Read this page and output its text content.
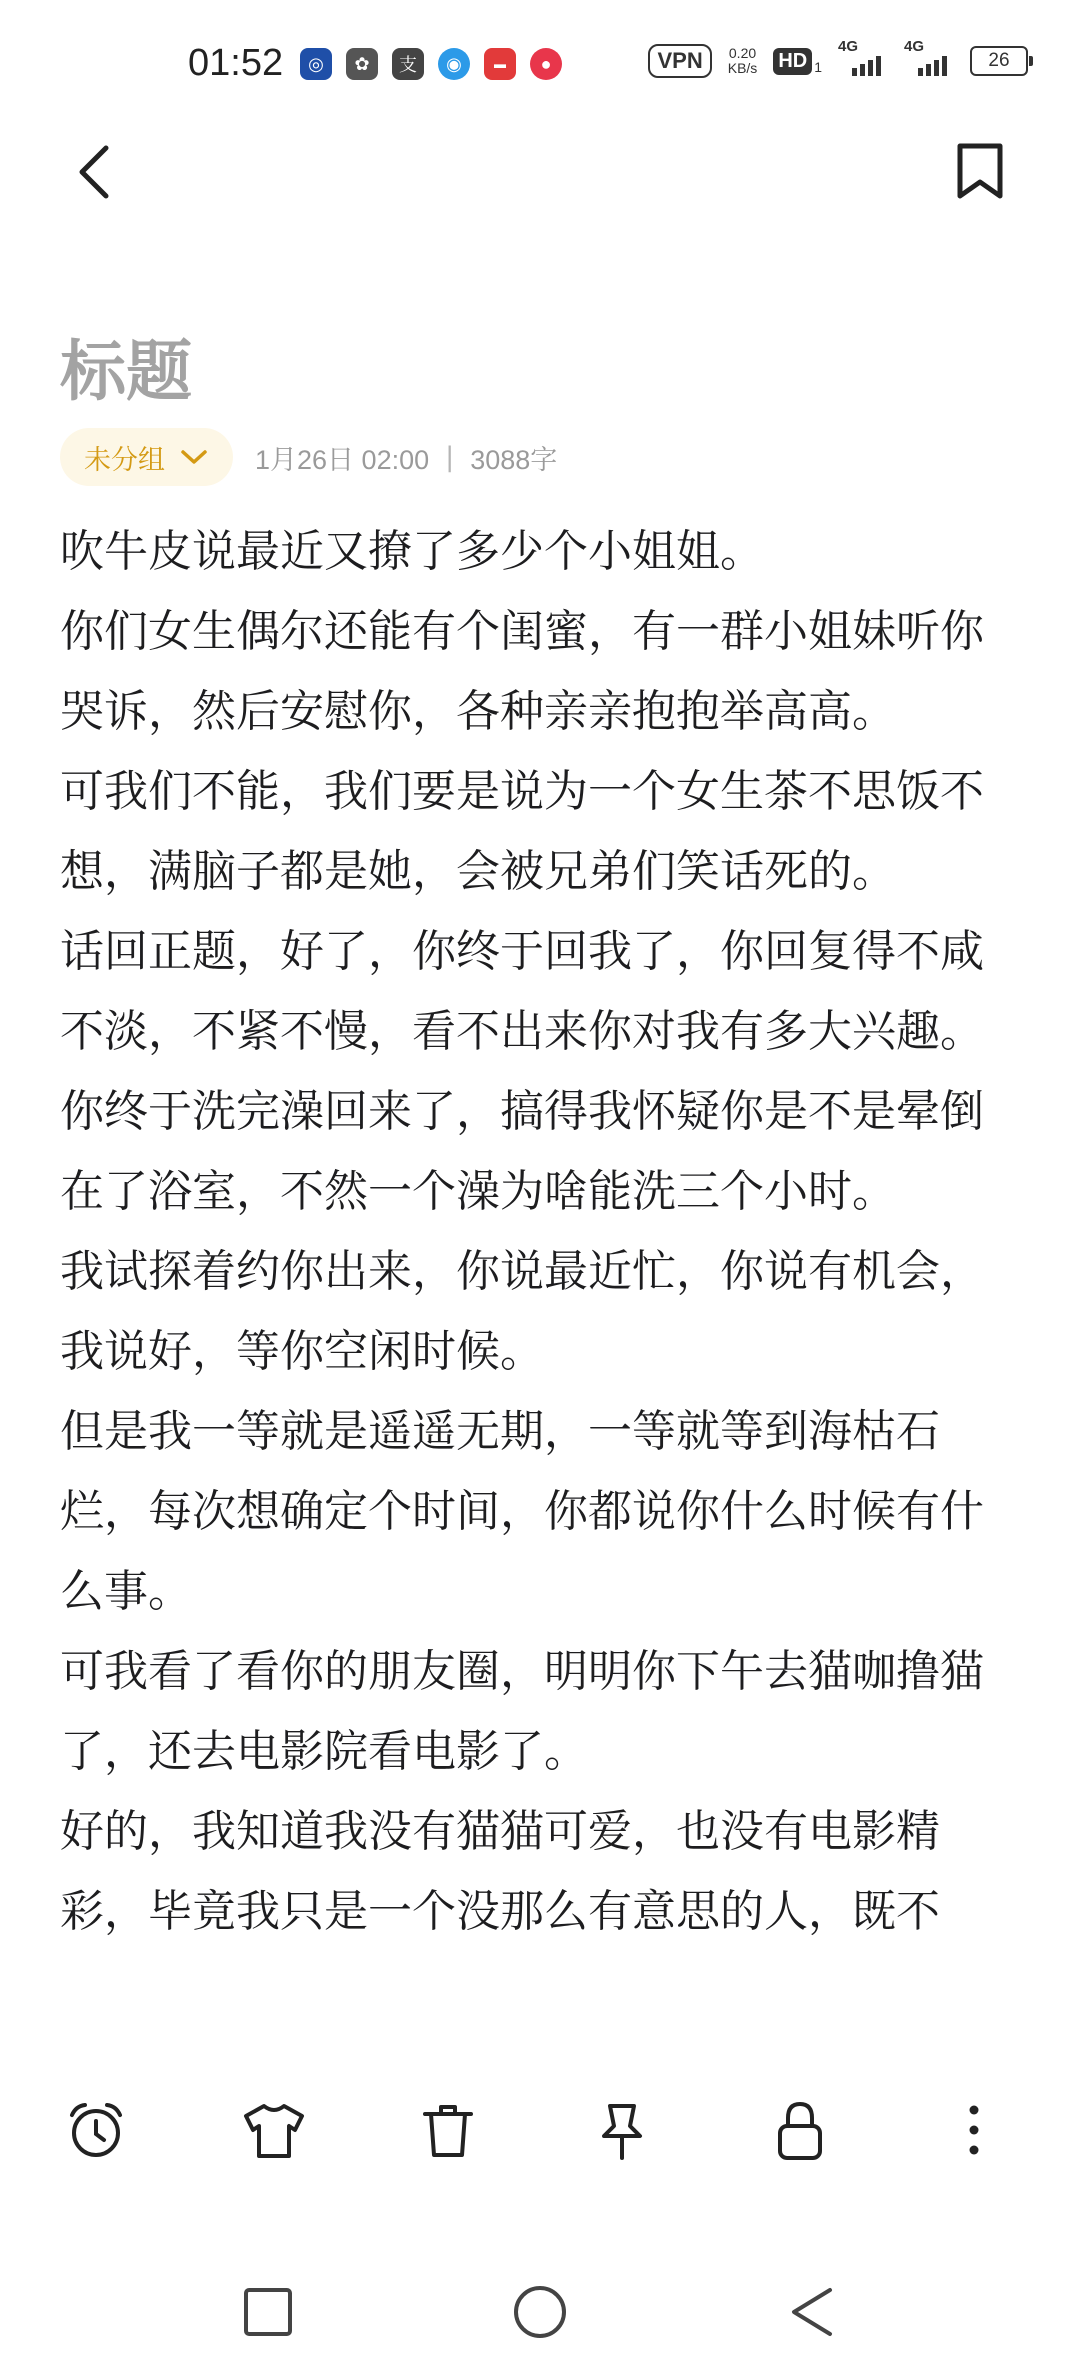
01:52	◎	✿	支	◉	▬	●	VPN	0.20
KB/s HD 1
4G	4G
26
标题
未分组	1月26日 02:00 | 3088字

吹牛皮说最近又撩了多少个小姐姐。

你们女生偶尔还能有个闺蜜，有一群小姐妹听你哭诉，然后安慰你，各种亲亲抱抱举高高。

可我们不能，我们要是说为一个女生茶不思饭不想，满脑子都是她，会被兄弟们笑话死的。

话回正题，好了，你终于回我了，你回复得不咸不淡，不紧不慢，看不出来你对我有多大兴趣。

你终于洗完澡回来了，搞得我怀疑你是不是晕倒在了浴室，不然一个澡为啥能洗三个小时。

我试探着约你出来，你说最近忙，你说有机会，我说好，等你空闲时候。

但是我一等就是遥遥无期，一等就等到海枯石烂，每次想确定个时间，你都说你什么时候有什么事。

可我看了看你的朋友圈，明明你下午去猫咖撸猫了，还去电影院看电影了。

好的，我知道我没有猫猫可爱，也没有电影精彩，毕竟我只是一个没那么有意思的人，既不
